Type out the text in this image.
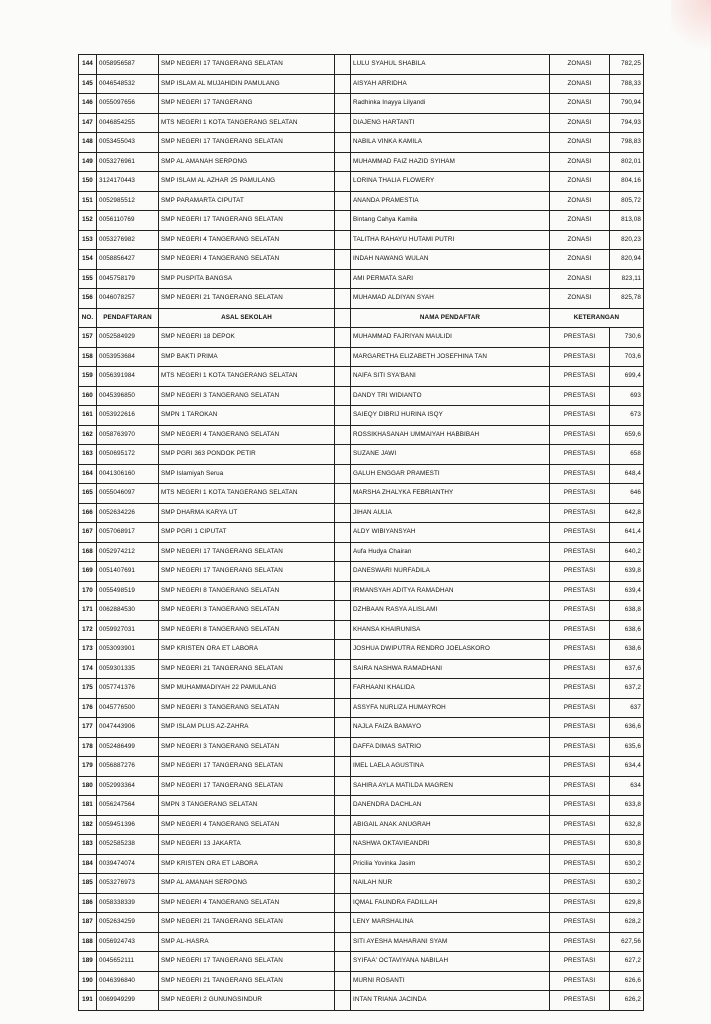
144	0058956587	SMP NEGERI 17 TANGERANG SELATAN		LULU SYAHUL SHABILA	ZONASI	782,25
145	0046548532	SMP ISLAM AL MUJAHIDIN PAMULANG		AISYAH ARRIDHA	ZONASI	788,33
146	0055097656	SMP NEGERI 17 TANGERANG		Radhinka Inayya Lilyandi	ZONASI	790,94
147	0046854255	MTS NEGERI 1 KOTA TANGERANG SELATAN		DIAJENG HARTANTI	ZONASI	794,93
148	0053455043	SMP NEGERI 17 TANGERANG SELATAN		NABILA VINKA KAMILA	ZONASI	798,83
149	0053276961	SMP AL AMANAH SERPONG		MUHAMMAD FAIZ HAZID SYIHAM	ZONASI	802,01
150	3124170443	SMP ISLAM AL AZHAR 25 PAMULANG		LORINA THALIA FLOWERY	ZONASI	804,16
151	0052985512	SMP PARAMARTA CIPUTAT		ANANDA PRAMESTIA	ZONASI	805,72
152	0056110769	SMP NEGERI 17 TANGERANG SELATAN		Bintang Cahya Kamila	ZONASI	813,08
153	0053276982	SMP NEGERI 4 TANGERANG SELATAN		TALITHA RAHAYU HUTAMI PUTRI	ZONASI	820,23
154	0058856427	SMP NEGERI 4 TANGERANG SELATAN		INDAH NAWANG WULAN	ZONASI	820,94
155	0045758179	SMP PUSPITA BANGSA		AMI PERMATA SARI	ZONASI	823,11
156	0046078257	SMP NEGERI 21 TANGERANG SELATAN		MUHAMAD ALDIYAN SYAH	ZONASI	825,78
NO.	PENDAFTARAN	ASAL SEKOLAH		NAMA PENDAFTAR	KETERANGAN	
157	0052584929	SMP NEGERI 18 DEPOK		MUHAMMAD FAJRIYAN MAULIDI	PRESTASI	730,6
158	0053953684	SMP BAKTI PRIMA		MARGARETHA ELIZABETH JOSEFHINA TAN	PRESTASI	703,6
159	0056391984	MTS NEGERI 1 KOTA TANGERANG SELATAN		NAIFA SITI SYA'BANI	PRESTASI	699,4
160	0045396850	SMP NEGERI 3 TANGERANG SELATAN		DANDY TRI WIDIANTO	PRESTASI	693
161	0053922616	SMPN 1 TAROKAN		SAIEQY DIBRIJ HURINA ISQY	PRESTASI	673
162	0058763970	SMP NEGERI 4 TANGERANG SELATAN		ROSSIKHASANAH UMMAIYAH HABBIBAH	PRESTASI	659,6
163	0050695172	SMP PGRI 363 PONDOK PETIR		SUZANE JAWI	PRESTASI	658
164	0041306160	SMP Islamiyah Serua		GALUH ENGGAR PRAMESTI	PRESTASI	648,4
165	0055046097	MTS NEGERI 1 KOTA TANGERANG SELATAN		MARSHA ZHALYKA FEBRIANTHY	PRESTASI	646
166	0052634226	SMP DHARMA KARYA UT		JIHAN AULIA	PRESTASI	642,8
167	0057068917	SMP PGRI 1 CIPUTAT		ALDY WIBIYANSYAH	PRESTASI	641,4
168	0052974212	SMP NEGERI 17 TANGERANG SELATAN		Aufa Hudya Chairan	PRESTASI	640,2
169	0051407691	SMP NEGERI 17 TANGERANG SELATAN		DANESWARI NURFADILA	PRESTASI	639,8
170	0055498519	SMP NEGERI 8 TANGERANG SELATAN		IRMANSYAH ADITYA RAMADHAN	PRESTASI	639,4
171	0062884530	SMP NEGERI 3 TANGERANG SELATAN		DZHBAAN RASYA ALISLAMI	PRESTASI	638,8
172	0059927031	SMP NEGERI 8 TANGERANG SELATAN		KHANSA KHAIRUNISA	PRESTASI	638,6
173	0053093901	SMP KRISTEN ORA ET LABORA		JOSHUA DWIPUTRA RENDRO JOELASKORO	PRESTASI	638,6
174	0059301335	SMP NEGERI 21 TANGERANG SELATAN		SAIRA NASHWA RAMADHANI	PRESTASI	637,6
175	0057741376	SMP MUHAMMADIYAH 22 PAMULANG		FARHAANI KHALIDA	PRESTASI	637,2
176	0045776500	SMP NEGERI 3 TANGERANG SELATAN		ASSYFA NURLIZA HUMAYROH	PRESTASI	637
177	0047443906	SMP ISLAM PLUS AZ-ZAHRA		NAJLA FAIZA BAMAYO	PRESTASI	636,6
178	0052486499	SMP NEGERI 3 TANGERANG SELATAN		DAFFA DIMAS SATRIO	PRESTASI	635,6
179	0056887276	SMP NEGERI 17 TANGERANG SELATAN		IMEL LAELA AGUSTINA	PRESTASI	634,4
180	0052993364	SMP NEGERI 17 TANGERANG SELATAN		SAHIRA AYLA MATILDA MAGREN	PRESTASI	634
181	0056247564	SMPN 3 TANGERANG SELATAN		DANENDRA DACHLAN	PRESTASI	633,8
182	0059451396	SMP NEGERI 4 TANGERANG SELATAN		ABIGAIL ANAK ANUGRAH	PRESTASI	632,8
183	0052585238	SMP NEGERI 13 JAKARTA		NASHWA OKTAVIEANDRI	PRESTASI	630,8
184	0039474074	SMP KRISTEN ORA ET LABORA		Pricilia Yovinka Jasim	PRESTASI	630,2
185	0053276973	SMP AL AMANAH SERPONG		NAILAH NUR	PRESTASI	630,2
186	0058338339	SMP NEGERI 4 TANGERANG SELATAN		IQMAL FAUNDRA FADILLAH	PRESTASI	629,8
187	0052634259	SMP NEGERI 21 TANGERANG SELATAN		LENY MARSHALINA	PRESTASI	628,2
188	0056924743	SMP AL-HASRA		SITI AYESHA MAHARANI SYAM	PRESTASI	627,56
189	0045652111	SMP NEGERI 17 TANGERANG SELATAN		SYIFAA' OCTAVIYANA NABILAH	PRESTASI	627,2
190	0046396840	SMP NEGERI 21 TANGERANG SELATAN		MURNI ROSANTI	PRESTASI	626,6
191	0069949299	SMP NEGERI 2 GUNUNGSINDUR		INTAN TRIANA JACINDA	PRESTASI	626,2
